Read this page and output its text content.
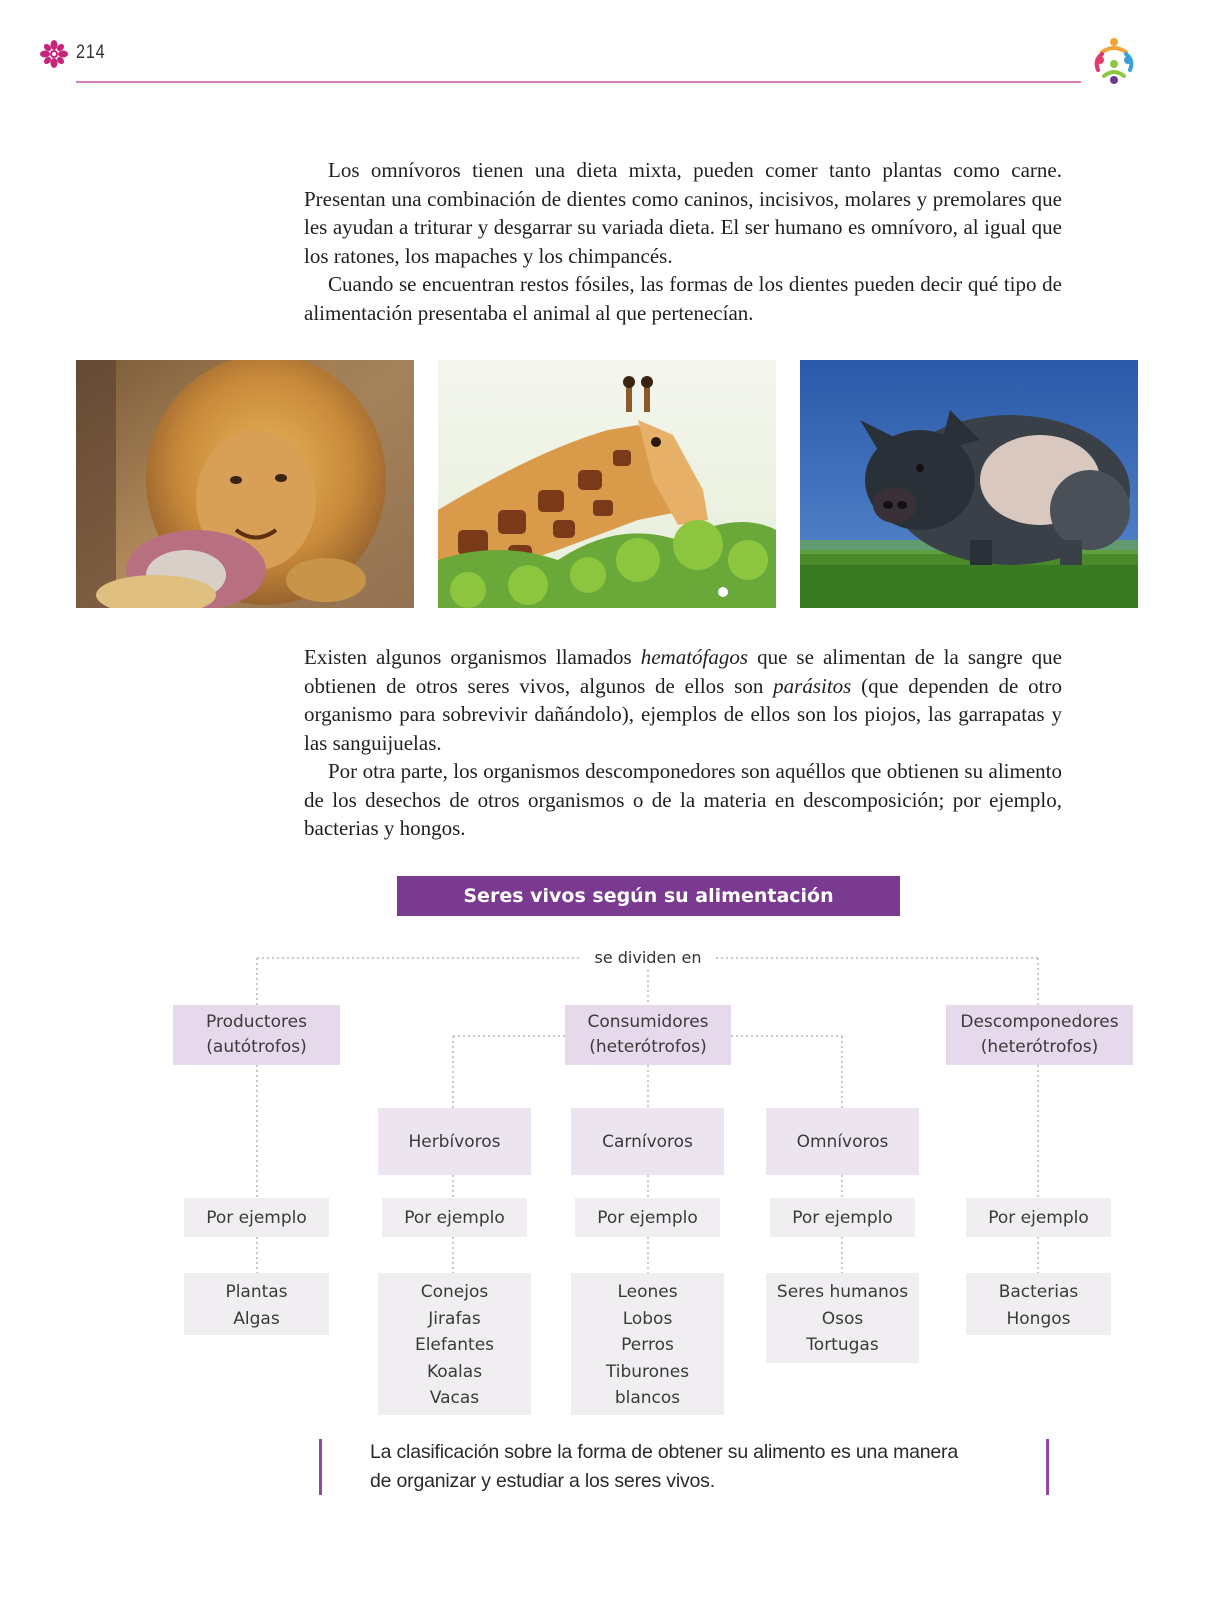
214

Los omnívoros tienen una dieta mixta, pueden comer tanto plantas como carne. Presentan una combinación de dientes como caninos, incisivos, molares y premolares que les ayudan a triturar y desgarrar su variada dieta. El ser humano es omnívoro, al igual que los ratones, los mapaches y los chimpancés.

Cuando se encuentran restos fósiles, las formas de los dientes pueden decir qué tipo de alimentación presentaba el animal al que pertenecían.

Existen algunos organismos llamados hematófagos que se alimentan de la sangre que obtienen de otros seres vivos, algunos de ellos son parásitos (que dependen de otro organismo para sobrevivir dañándolo), ejemplos de ellos son los piojos, las garrapatas y las sanguijuelas.

Por otra parte, los organismos descomponedores son aquéllos que obtienen su alimento de los desechos de otros organismos o de la materia en descomposición; por ejemplo, bacterias y hongos.

Seres vivos según su alimentación
se dividen en
Productores
(autótrofos)
Consumidores
(heterótrofos)
Descomponedores
(heterótrofos)
Herbívoros	Carnívoros	Omnívoros
Por ejemplo	Por ejemplo	Por ejemplo	Por ejemplo	Por ejemplo
Plantas
Algas
Conejos
Jirafas
Elefantes
Koalas
Vacas
Leones
Lobos
Perros
Tiburones
blancos
Seres humanos
Osos
Tortugas
Bacterias
Hongos
La clasificación sobre la forma de obtener su alimento es una manera
de organizar y estudiar a los seres vivos.
